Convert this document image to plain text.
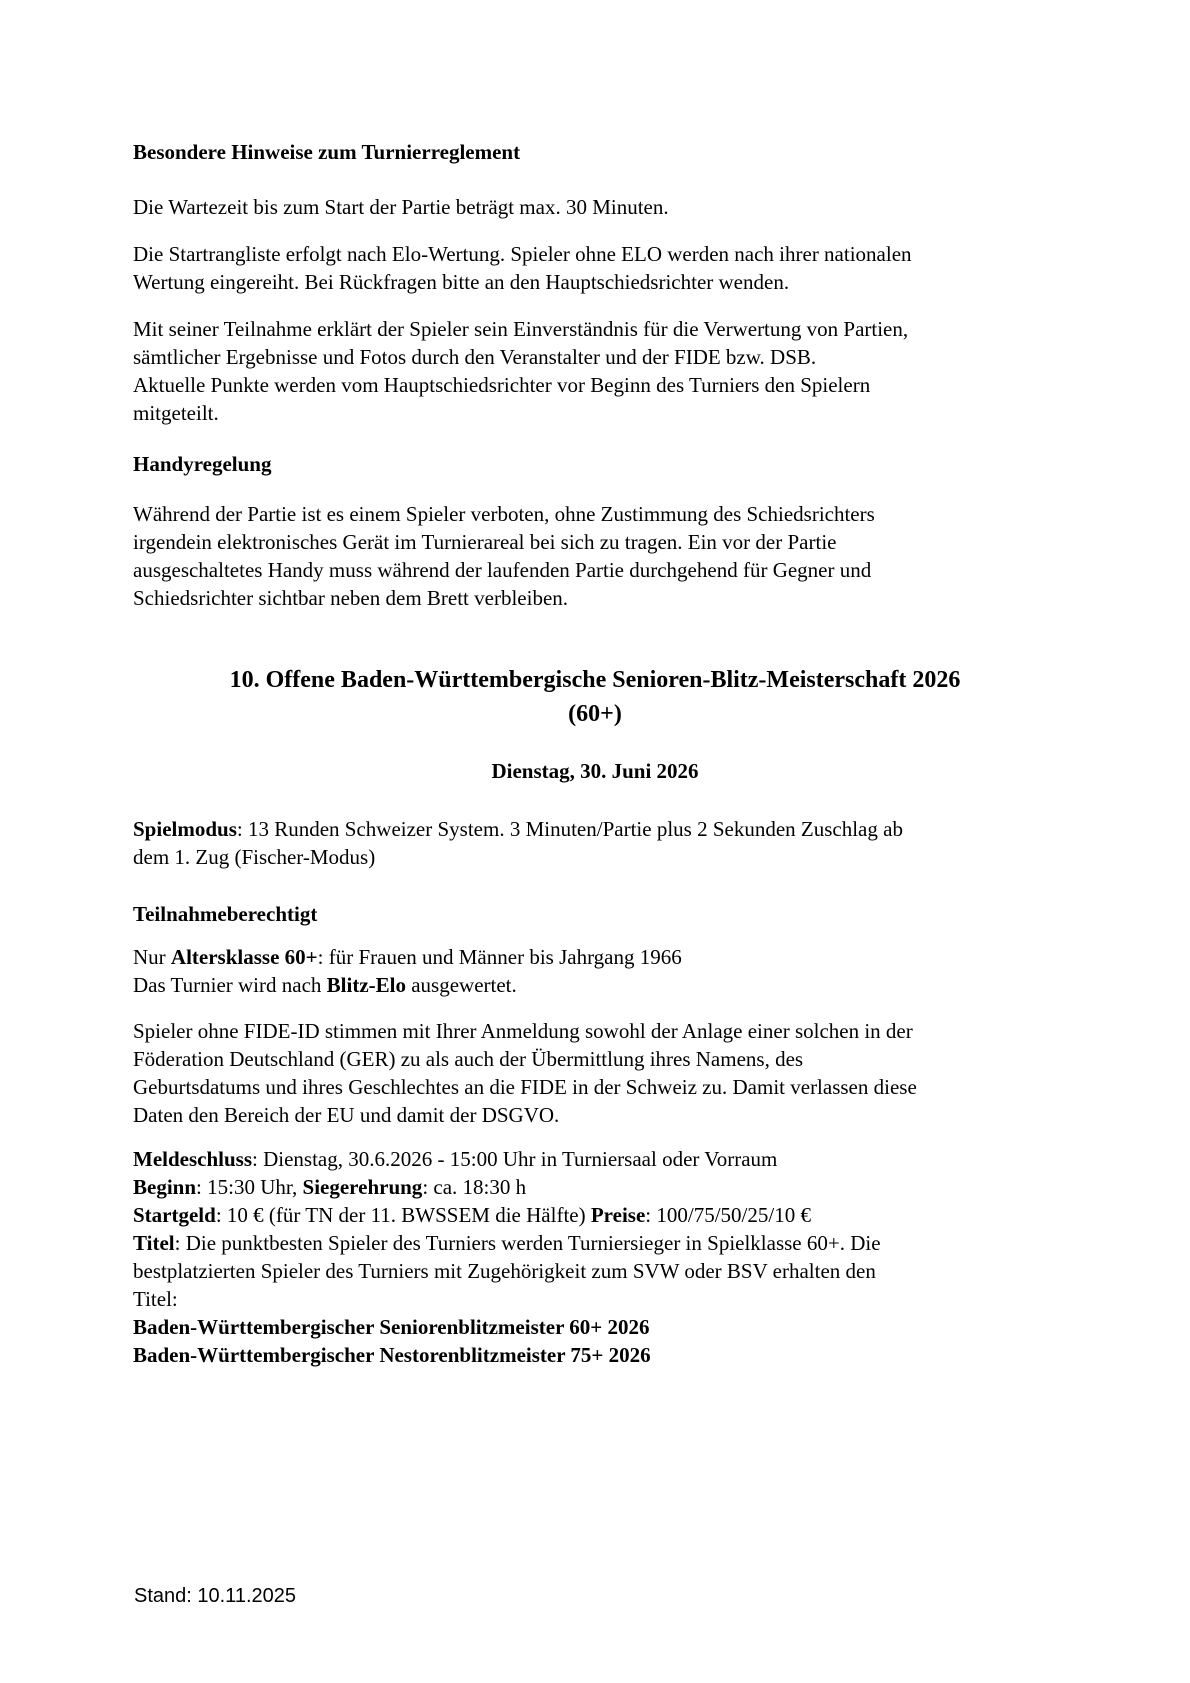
Stand: 10.11.2025
Besondere Hinweise zum Turnierreglement
Die Wartezeit bis zum Start der Partie beträgt max. 30 Minuten.
Die Startrangliste erfolgt nach Elo-Wertung. Spieler ohne ELO werden nach ihrer nationalen
Wertung eingereiht. Bei Rückfragen bitte an den Hauptschiedsrichter wenden.
Mit seiner Teilnahme erklärt der Spieler sein Einverständnis für die Verwertung von Partien,
sämtlicher Ergebnisse und Fotos durch den Veranstalter und der FIDE bzw. DSB.
Aktuelle Punkte werden vom Hauptschiedsrichter vor Beginn des Turniers den Spielern
mitgeteilt.
Handyregelung
Während der Partie ist es einem Spieler verboten, ohne Zustimmung des Schiedsrichters
irgendein elektronisches Gerät im Turnierareal bei sich zu tragen. Ein vor der Partie
ausgeschaltetes Handy muss während der laufenden Partie durchgehend für Gegner und
Schiedsrichter sichtbar neben dem Brett verbleiben.
10. Offene Baden-Württembergische Senioren-Blitz-Meisterschaft 2026
(60+)
Dienstag, 30. Juni 2026
Spielmodus: 13 Runden Schweizer System. 3 Minuten/Partie plus 2 Sekunden Zuschlag ab
dem 1. Zug (Fischer-Modus)
Teilnahmeberechtigt
Nur Altersklasse 60+: für Frauen und Männer bis Jahrgang 1966
Das Turnier wird nach Blitz-Elo ausgewertet.
Spieler ohne FIDE-ID stimmen mit Ihrer Anmeldung sowohl der Anlage einer solchen in der
Föderation Deutschland (GER) zu als auch der Übermittlung ihres Namens, des
Geburtsdatums und ihres Geschlechtes an die FIDE in der Schweiz zu. Damit verlassen diese
Daten den Bereich der EU und damit der DSGVO.
Meldeschluss: Dienstag, 30.6.2026 - 15:00 Uhr in Turniersaal oder Vorraum
Beginn: 15:30 Uhr, Siegerehrung: ca. 18:30 h
Startgeld: 10 € (für TN der 11. BWSSEM die Hälfte) Preise: 100/75/50/25/10 €
Titel: Die punktbesten Spieler des Turniers werden Turniersieger in Spielklasse 60+. Die
bestplatzierten Spieler des Turniers mit Zugehörigkeit zum SVW oder BSV erhalten den
Titel:
Baden-Württembergischer Seniorenblitzmeister 60+ 2026
Baden-Württembergischer Nestorenblitzmeister 75+ 2026
